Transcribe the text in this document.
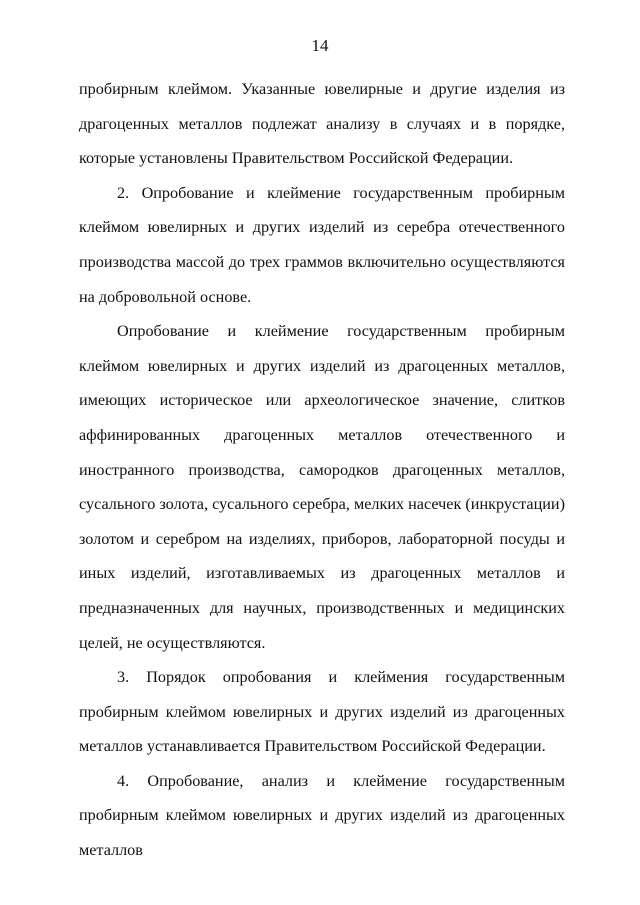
14

пробирным клеймом. Указанные ювелирные и другие изделия из драгоценных металлов подлежат анализу в случаях и в порядке, которые установлены Правительством Российской Федерации.

2. Опробование и клеймение государственным пробирным клеймом ювелирных и других изделий из серебра отечественного производства массой до трех граммов включительно осуществляются на добровольной основе.

Опробование и клеймение государственным пробирным клеймом ювелирных и других изделий из драгоценных металлов, имеющих историческое или археологическое значение, слитков аффинированных драгоценных металлов отечественного и иностранного производства, самородков драгоценных металлов, сусального золота, сусального серебра, мелких насечек (инкрустации) золотом и серебром на изделиях, приборов, лабораторной посуды и иных изделий, изготавливаемых из драгоценных металлов и предназначенных для научных, производственных и медицинских целей, не осуществляются.

3. Порядок опробования и клеймения государственным пробирным клеймом ювелирных и других изделий из драгоценных металлов устанавливается Правительством Российской Федерации.

4. Опробование, анализ и клеймение государственным пробирным клеймом ювелирных и других изделий из драгоценных металлов
